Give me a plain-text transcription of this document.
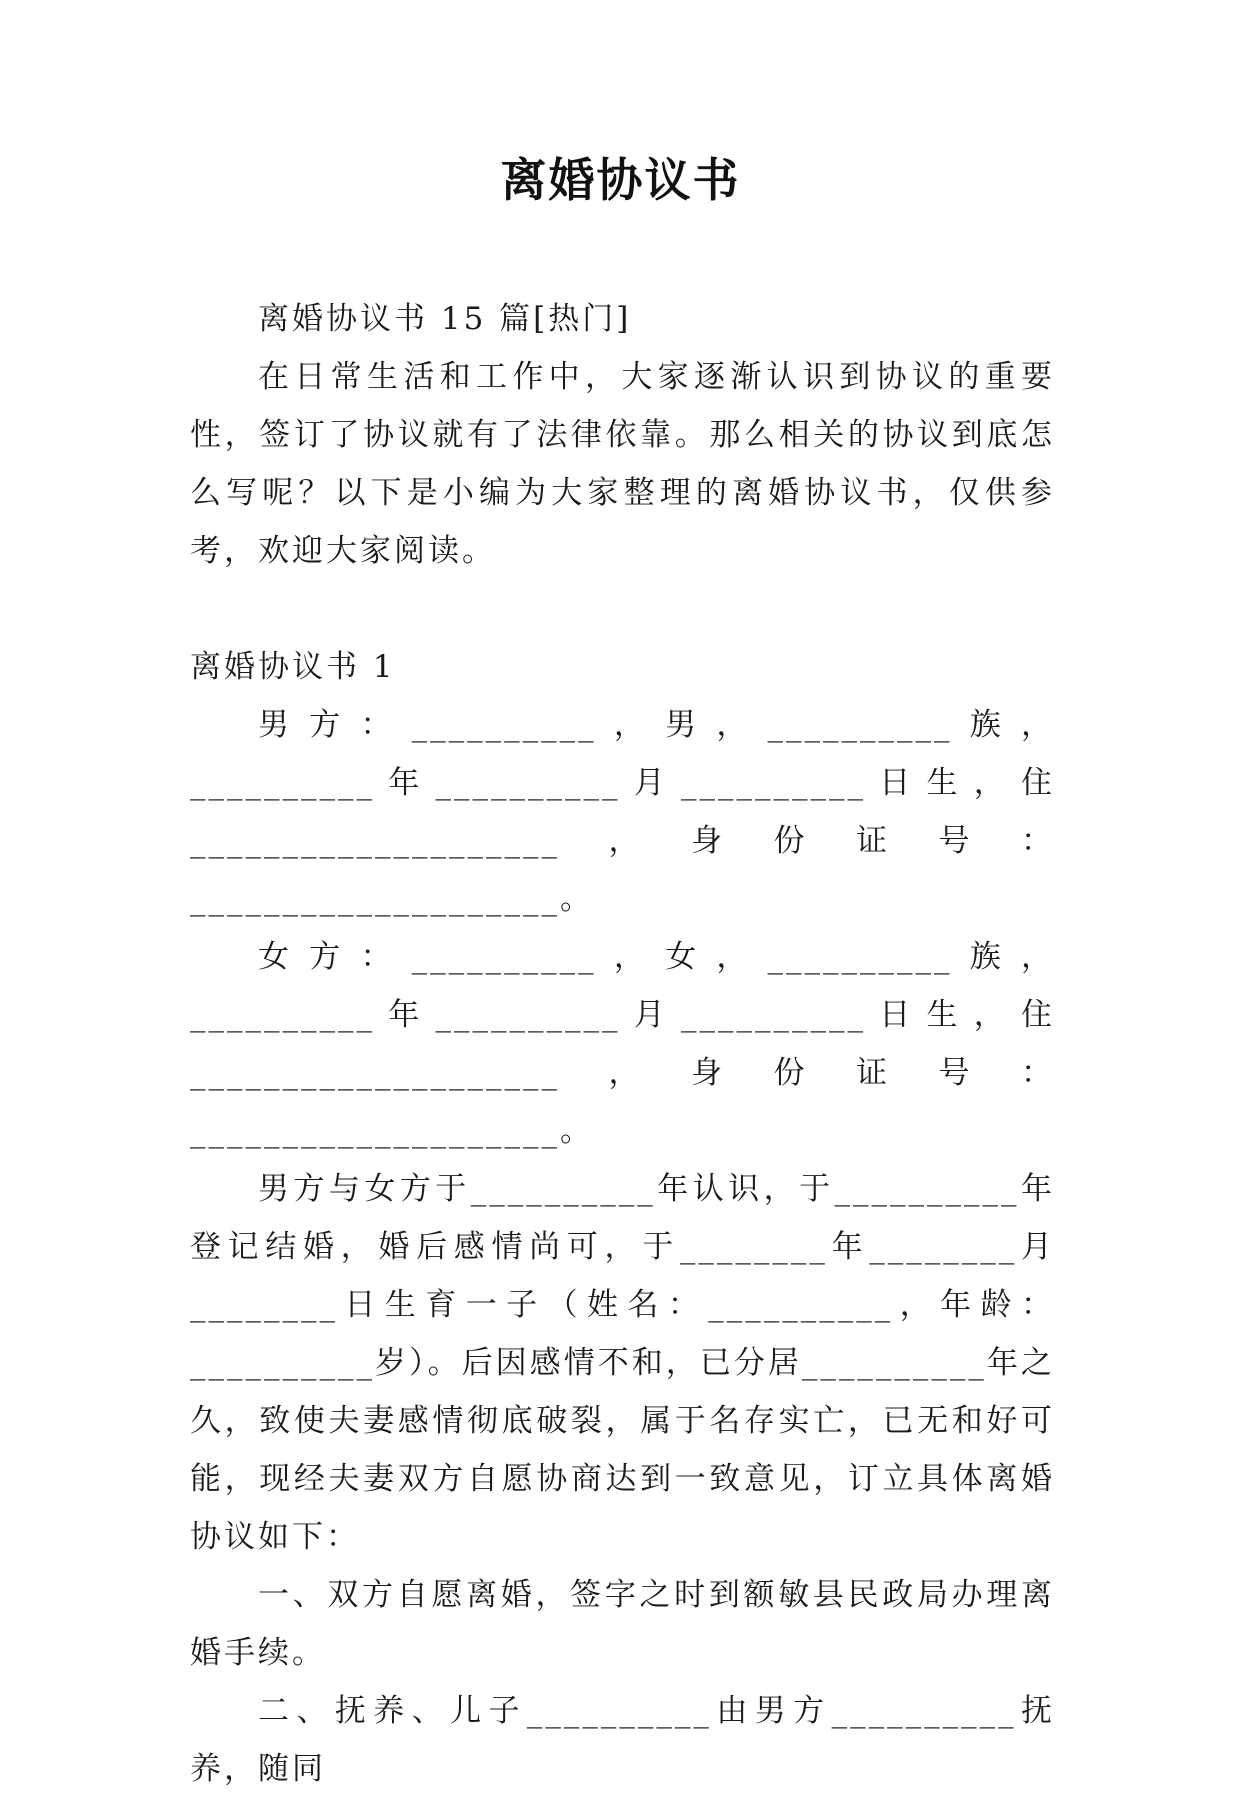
离婚协议书

离婚协议书 15 篇[热门]

在日常生活和工作中，大家逐渐认识到协议的重要性，签订了协议就有了法律依靠。那么相关的协议到底怎么写呢？以下是小编为大家整理的离婚协议书，仅供参考，欢迎大家阅读。

离婚协议书 1

男方：__________，男，__________族，__________年__________月__________日生，住____________________，身份证号：____________________。

女方：__________，女，__________族，__________年__________月__________日生，住____________________，身份证号：____________________。

男方与女方于__________年认识，于__________年登记结婚，婚后感情尚可，于________年________月________日生育一子（姓名：__________，年龄：__________岁）。后因感情不和，已分居__________年之久，致使夫妻感情彻底破裂，属于名存实亡，已无和好可能，现经夫妻双方自愿协商达到一致意见，订立具体离婚协议如下：

一、双方自愿离婚，签字之时到额敏县民政局办理离婚手续。

二、抚养、儿子__________由男方__________抚养，随同
